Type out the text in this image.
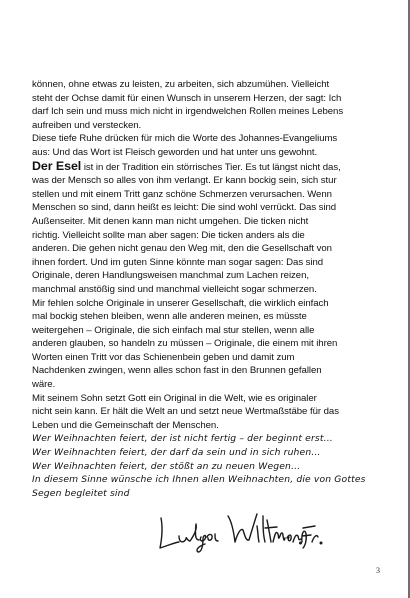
können, ohne etwas zu leisten, zu arbeiten, sich abzumühen. Vielleicht
steht der Ochse damit für einen Wunsch in unserem Herzen, der sagt: Ich
darf Ich sein und muss mich nicht in irgendwelchen Rollen meines Lebens
aufreiben und verstecken.
Diese tiefe Ruhe drücken für mich die Worte des Johannes-Evangeliums
aus: Und das Wort ist Fleisch geworden und hat unter uns gewohnt.
Der Esel ist in der Tradition ein störrisches Tier. Es tut längst nicht das,
was der Mensch so alles von ihm verlangt. Er kann bockig sein, sich stur
stellen und mit einem Tritt ganz schöne Schmerzen verursachen. Wenn
Menschen so sind, dann heißt es leicht: Die sind wohl verrückt. Das sind
Außenseiter. Mit denen kann man nicht umgehen. Die ticken nicht
richtig. Vielleicht sollte man aber sagen: Die ticken anders als die
anderen. Die gehen nicht genau den Weg mit, den die Gesellschaft von
ihnen fordert. Und im guten Sinne könnte man sogar sagen: Das sind
Originale, deren Handlungsweisen manchmal zum Lachen reizen,
manchmal anstößig sind und manchmal vielleicht sogar schmerzen.
Mir fehlen solche Originale in unserer Gesellschaft, die wirklich einfach
mal bockig stehen bleiben, wenn alle anderen meinen, es müsste
weitergehen – Originale, die sich einfach mal stur stellen, wenn alle
anderen glauben, so handeln zu müssen – Originale, die einem mit ihren
Worten einen Tritt vor das Schienenbein geben und damit zum
Nachdenken zwingen, wenn alles schon fast in den Brunnen gefallen
wäre.
Mit seinem Sohn setzt Gott ein Original in die Welt, wie es originaler
nicht sein kann. Er hält die Welt an und setzt neue Wertmaßstäbe für das
Leben und die Gemeinschaft der Menschen.
Wer Weihnachten feiert, der ist nicht fertig – der beginnt erst…
Wer Weihnachten feiert, der darf da sein und in sich ruhen…
Wer Weihnachten feiert, der stößt an zu neuen Wegen…
In diesem Sinne wünsche ich Ihnen allen Weihnachten, die von Gottes
Segen begleitet sind
3
